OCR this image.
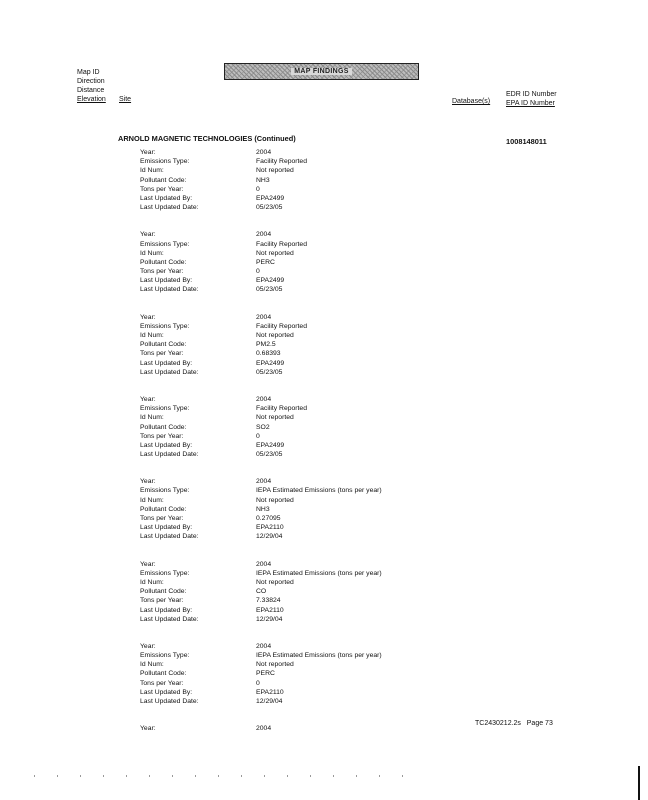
Map ID
Direction
Distance
Elevation
MAP FINDINGS
Site	Database(s)
EDR ID Number
EPA ID Number
ARNOLD MAGNETIC TECHNOLOGIES (Continued)	1008148011
Year:	2004
Emissions Type:	Facility Reported
Id Num:	Not reported
Pollutant Code:	NH3
Tons per Year:	0
Last Updated By:	EPA2499
Last Updated Date:	05/23/05
Year:	2004
Emissions Type:	Facility Reported
Id Num:	Not reported
Pollutant Code:	PERC
Tons per Year:	0
Last Updated By:	EPA2499
Last Updated Date:	05/23/05
Year:	2004
Emissions Type:	Facility Reported
Id Num:	Not reported
Pollutant Code:	PM2.5
Tons per Year:	0.68393
Last Updated By:	EPA2499
Last Updated Date:	05/23/05
Year:	2004
Emissions Type:	Facility Reported
Id Num:	Not reported
Pollutant Code:	SO2
Tons per Year:	0
Last Updated By:	EPA2499
Last Updated Date:	05/23/05
Year:	2004
Emissions Type:	IEPA Estimated Emissions (tons per year)
Id Num:	Not reported
Pollutant Code:	NH3
Tons per Year:	0.27095
Last Updated By:	EPA2110
Last Updated Date:	12/29/04
Year:	2004
Emissions Type:	IEPA Estimated Emissions (tons per year)
Id Num:	Not reported
Pollutant Code:	CO
Tons per Year:	7.33824
Last Updated By:	EPA2110
Last Updated Date:	12/29/04
Year:	2004
Emissions Type:	IEPA Estimated Emissions (tons per year)
Id Num:	Not reported
Pollutant Code:	PERC
Tons per Year:	0
Last Updated By:	EPA2110
Last Updated Date:	12/29/04
Year:	2004
TC2430212.2s Page 73
